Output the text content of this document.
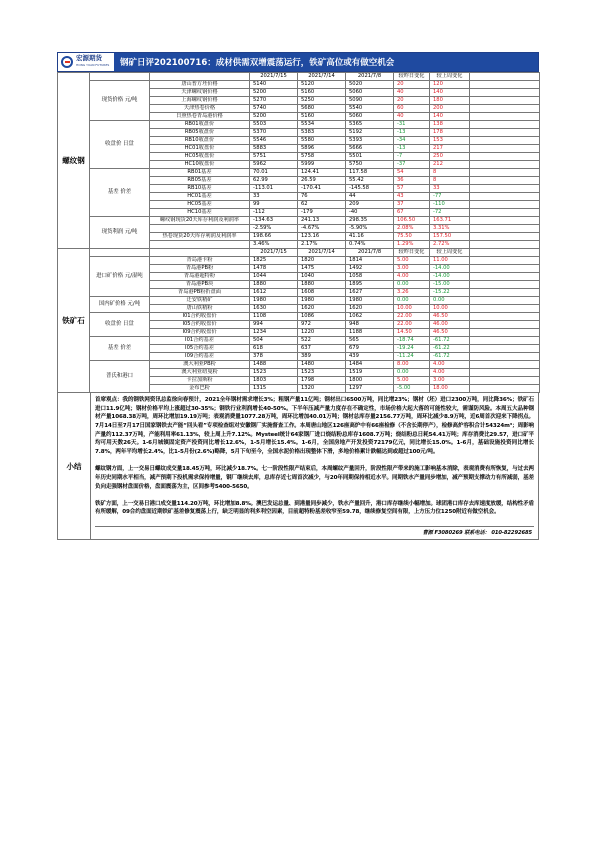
宏源期货
HONG YUAN FUTURES	钢矿日评202100716：成材供需双增震荡运行，铁矿高位或有做空机会
螺纹钢			2021/7/15	2021/7/14	2021/7/8	较昨日变化	较上周变化	
	现货价格 元/吨	唐山普方坯价格	5140	5120	5020	20	120	
		天津螺纹钢价格	5200	5160	5060	40	140	
		上海螺纹钢价格	5270	5250	5090	20	180	
		天津热卷价格	5740	5680	5540	60	200	
		日照热卷青岛港价格	5200	5160	5060	40	140	
	收盘价 日盘	RB01收盘价	5503	5534	5365	-31	138	
		RB05收盘价	5370	5383	5192	-13	178	
		RB10收盘价	5546	5580	5393	-34	153	
		HC01收盘价	5883	5896	5666	-13	217	
		HC05收盘价	5751	5758	5501	-7	250	
		HC10收盘价	5962	5999	5750	-37	212	
	基差 价差	RB01基差	70.01	124.41	117.58	54	8	
		RB05基差	62.99	26.59	55.42	36	8	
		RB10基差	-113.01	-170.41	-145.58	57	33	
		HC01基差	33	76	44	43	-77	
		HC05基差	99	62	209	37	-110	
		HC10基差	-112	-179	-40	67	-72	
	现货利润 元/吨	螺纹钢现货20天库存利润及利润率	-134.63	241.13	298.35	106.50	163.71	
			-2.59%	-4.67%	-5.90%	2.08%	3.31%	
		热卷现货20天库存利润及利润率	198.66	123.16	41.16	75.50	157.50	
			3.46%	2.17%	0.74%	1.29%	2.72%	
铁矿石			2021/7/15	2021/7/14	2021/7/8	较昨日变化	较上周变化	
	进口矿价格 元/湿吨	青岛港卡粉	1825	1820	1814	5.00	11.00	
		青岛港PB粉	1478	1475	1492	3.00	-14.00	
		青岛港超特粉	1044	1040	1058	4.00	-14.00	
		青岛港PB块	1880	1880	1895	0.00	-15.00	
		青岛港PB粉折盘面	1612	1608	1627	3.26	-15.22	
	国内矿价格 元/吨	迁安铁精矿	1980	1980	1980	0.00	0.00	
		唐山铁精粉	1630	1620	1620	10.00	10.00	
	收盘价 日盘	I01合约收盘价	1108	1086	1062	22.00	46.50	
		I05合约收盘价	994	972	948	22.00	46.00	
		I09合约收盘价	1234	1220	1188	14.50	46.50	
	基差 价差	I01合约基差	504	522	565	-18.74	-61.72	
		I05合约基差	618	637	679	-19.24	-61.22	
		I09合约基差	378	389	439	-11.24	-61.72	
	普氏和港口	澳大利亚PB粉	1488	1480	1484	8.00	4.00	
		澳大利亚纽曼粉	1523	1523	1519	0.00	4.00	
		卡拉加斯粉	1803	1798	1800	5.00	3.00	
		金布巴粉	1315	1320	1297	-5.00	18.00	
小结

首席观点：我的钢铁网资讯总监徐向春预计，2021全年钢材需求增长3%；粗钢产量11亿吨；钢材出口6500万吨，同比增23%；钢材（坯）进口2300万吨，同比降36%；铁矿石进口11.9亿吨；钢材价格平均上涨超过30-35%；钢铁行业利润增长40-50%。下半年压减产量力度存在不确定性，市场价格大起大落的可能性较大，需谨防风险。本周五大品种钢材产量1068.38万吨，周环比增加19.19万吨；表观消费量1077.28万吨，周环比增加40.01万吨；钢材总库存量2156.77万吨，周环比减少8.9万吨，近6周首次迎来下降拐点。7月14日至7月17日国家钢铁去产能“回头看”专项检查组对安徽钢厂实施督查工作。本周唐山地区126座高炉中有66座检修（不含长期停产），检修高炉容积合计54324m³；周影响产量约112.37万吨，产能利用率61.13%，较上周上升7.12%。Mysteel统计64家钢厂进口烧结粉总库存1608.7万吨；烧结粉总日耗54.41万吨；库存消费比29.57，进口矿平均可用天数26天。1-6月城镇固定资产投资同比增长12.6%，1-5月增长15.4%。1-6月，全国房地产开发投资72179亿元，同比增长15.0%。1-6月，基础设施投资同比增长7.8%，两年平均增长2.4%，比1-5月份(2.6%)略降，5月下旬至今，全国水泥价格出现整体下滑，多地价格累计跌幅达到或超过100元/吨。

螺纹钢方面，上一交易日螺纹成交量18.45万吨，环比减少18.7%。七一阶段性限产结束后，本周螺纹产量回升，阶段性限产带来的施工影响基本消除，表观消费有所恢复，与过去两年历史同期水平相当，减产预期下投机需求保持增量，钢厂继续去库，总库存近七周首次减少，与20年同期保持相近水平。同期铁水产量同步增加，减产预期支撑动力有所减弱，基差负向走强钢材盘面价格，盘面震荡为主，区间参考5400-5650。

铁矿方面，上一交易日港口成交量114.20万吨，环比增加8.8%。澳巴发运总量、到港量同步减少，铁水产量回升，港口库存继续小幅增加。球团港口库存去库速度放缓，结构性矛盾有所缓解，09合约盘面近期铁矿基差修复震荡上行，缺乏明显的利多利空因素，目前超特粉基差收窄至59.78，继续修复空间有限，上方压力位1250附近有做空机会。

曹源 F3080269 联系电话： 010-82292685
